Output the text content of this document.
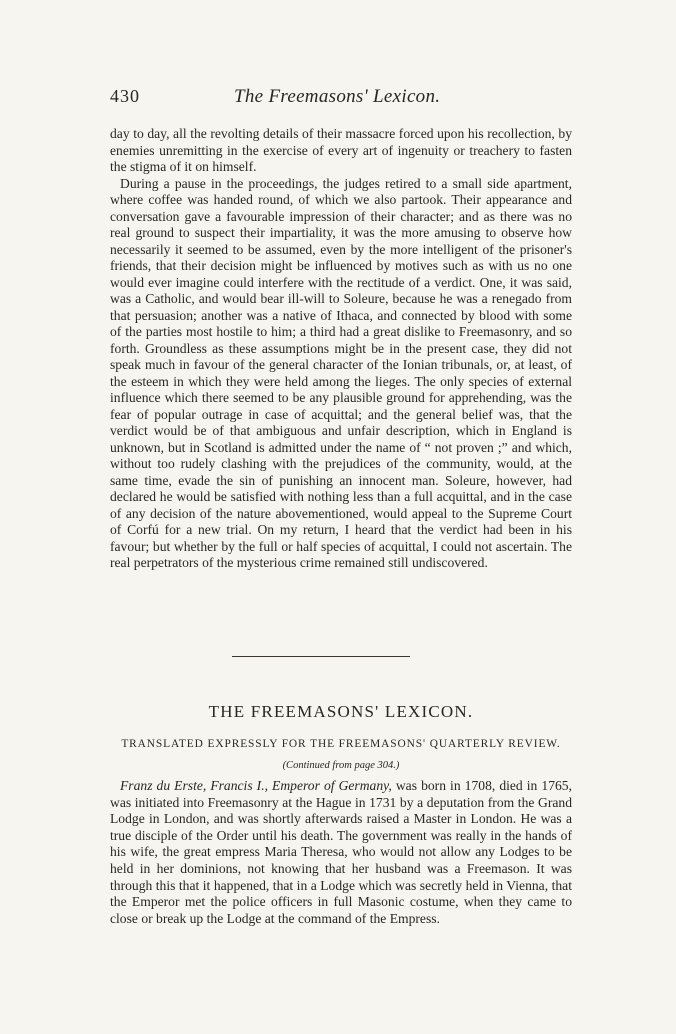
430	The Freemasons' Lexicon.

day to day, all the revolting details of their massacre forced upon his recollection, by enemies unremitting in the exercise of every art of ingenuity or treachery to fasten the stigma of it on himself.

During a pause in the proceedings, the judges retired to a small side apartment, where coffee was handed round, of which we also partook. Their appearance and conversation gave a favourable impression of their character; and as there was no real ground to suspect their impartiality, it was the more amusing to observe how necessarily it seemed to be assumed, even by the more intelligent of the prisoner's friends, that their decision might be influenced by motives such as with us no one would ever imagine could interfere with the rectitude of a verdict. One, it was said, was a Catholic, and would bear ill-will to Soleure, because he was a renegado from that persuasion; another was a native of Ithaca, and connected by blood with some of the parties most hostile to him; a third had a great dislike to Freemasonry, and so forth. Groundless as these assumptions might be in the present case, they did not speak much in favour of the general character of the Ionian tribunals, or, at least, of the esteem in which they were held among the lieges. The only species of external influence which there seemed to be any plausible ground for apprehending, was the fear of popular outrage in case of acquittal; and the general belief was, that the verdict would be of that ambiguous and unfair description, which in England is unknown, but in Scotland is admitted under the name of “ not proven ;” and which, without too rudely clashing with the prejudices of the community, would, at the same time, evade the sin of punishing an innocent man. Soleure, however, had declared he would be satisfied with nothing less than a full acquittal, and in the case of any decision of the nature abovementioned, would appeal to the Supreme Court of Corfú for a new trial. On my return, I heard that the verdict had been in his favour; but whether by the full or half species of acquittal, I could not ascertain. The real perpetrators of the mysterious crime remained still undiscovered.

THE FREEMASONS' LEXICON.
TRANSLATED EXPRESSLY FOR THE FREEMASONS' QUARTERLY REVIEW.
(Continued from page 304.)

Franz du Erste, Francis I., Emperor of Germany, was born in 1708, died in 1765, was initiated into Freemasonry at the Hague in 1731 by a deputation from the Grand Lodge in London, and was shortly afterwards raised a Master in London. He was a true disciple of the Order until his death. The government was really in the hands of his wife, the great empress Maria Theresa, who would not allow any Lodges to be held in her dominions, not knowing that her husband was a Freemason. It was through this that it happened, that in a Lodge which was secretly held in Vienna, that the Emperor met the police officers in full Masonic costume, when they came to close or break up the Lodge at the command of the Empress.
